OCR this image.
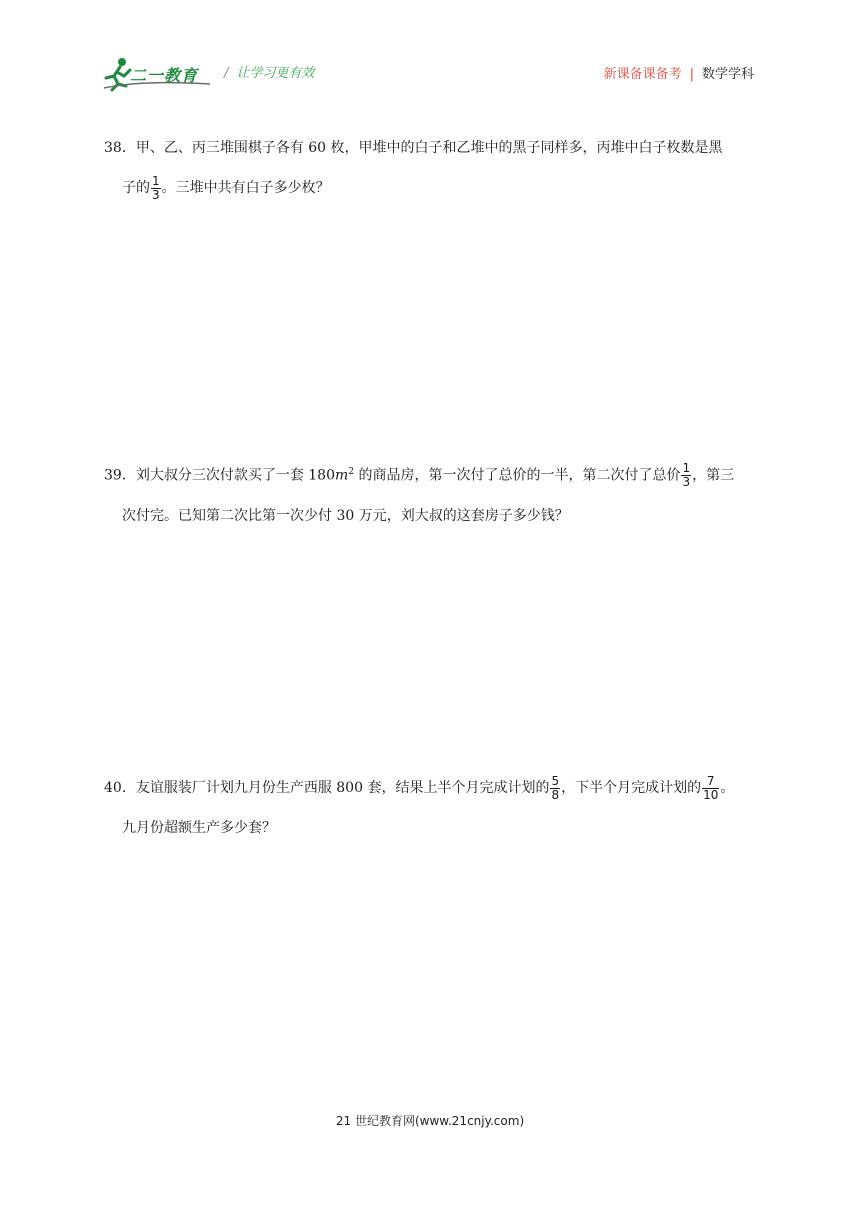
二一教育 / 让学习更有效	新课备课备考 | 数学学科
38．甲、乙、丙三堆围棋子各有 60 枚，甲堆中的白子和乙堆中的黑子同样多，丙堆中白子枚数是黑
子的 $\frac{1}{3}$ 。三堆中共有白子多少枚？
39．刘大叔分三次付款买了一套 $180m^2$ 的商品房，第一次付了总价的一半，第二次付了总价 $\frac{1}{3}$ ，第三
次付完。已知第二次比第一次少付 30 万元，刘大叔的这套房子多少钱？
40．友谊服装厂计划九月份生产西服 800 套，结果上半个月完成计划的 $\frac{5}{8}$ ，下半个月完成计划的 $\frac{7}{10}$ 。
九月份超额生产多少套？
21 世纪教育网(www.21cnjy.com)
